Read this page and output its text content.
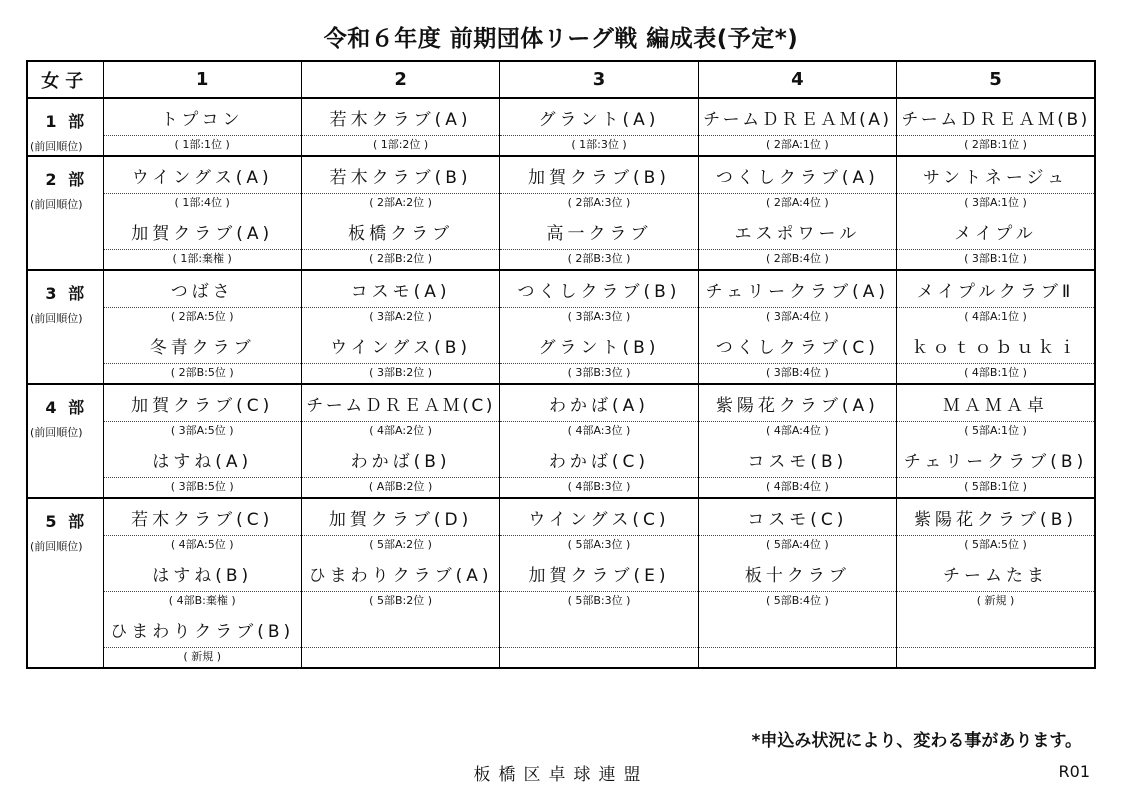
令和６年度 前期団体リーグ戦 編成表(予定*)
女子	1	2	3	4	5

1 部
(前回順位)	トプコン	若木クラブ(A)	グラント(A)	チームＤＲＥＡＭ(A)	チームＤＲＥＡＭ(B)
	( 1部:1位 )	( 1部:2位 )	( 1部:3位 )	( 2部A:1位 )	( 2部B:1位 )

2 部
(前回順位)	ウイングス(A)	若木クラブ(B)	加賀クラブ(B)	つくしクラブ(A)	サントネージュ
	( 1部:4位 )	( 2部A:2位 )	( 2部A:3位 )	( 2部A:4位 )	( 3部A:1位 )
	加賀クラブ(A)	板橋クラブ	高一クラブ	エスポワール	メイプル
	( 1部:棄権 )	( 2部B:2位 )	( 2部B:3位 )	( 2部B:4位 )	( 3部B:1位 )

3 部
(前回順位)	つばさ	コスモ(A)	つくしクラブ(B)	チェリークラブ(A)	メイプルクラブⅡ
	( 2部A:5位 )	( 3部A:2位 )	( 3部A:3位 )	( 3部A:4位 )	( 4部A:1位 )
	冬青クラブ	ウイングス(B)	グラント(B)	つくしクラブ(C)	ｋｏｔｏｂｕｋｉ
	( 2部B:5位 )	( 3部B:2位 )	( 3部B:3位 )	( 3部B:4位 )	( 4部B:1位 )

4 部
(前回順位)	加賀クラブ(C)	チームＤＲＥＡＭ(C)	わかば(A)	紫陽花クラブ(A)	ＭＡＭＡ卓
	( 3部A:5位 )	( 4部A:2位 )	( 4部A:3位 )	( 4部A:4位 )	( 5部A:1位 )
	はすね(A)	わかば(B)	わかば(C)	コスモ(B)	チェリークラブ(B)
	( 3部B:5位 )	( A部B:2位 )	( 4部B:3位 )	( 4部B:4位 )	( 5部B:1位 )

5 部
(前回順位)	若木クラブ(C)	加賀クラブ(D)	ウイングス(C)	コスモ(C)	紫陽花クラブ(B)
	( 4部A:5位 )	( 5部A:2位 )	( 5部A:3位 )	( 5部A:4位 )	( 5部A:5位 )
	はすね(B)	ひまわりクラブ(A)	加賀クラブ(E)	板十クラブ	チームたま
	( 4部B:棄権 )	( 5部B:2位 )	( 5部B:3位 )	( 5部B:4位 )	( 新規 )
	ひまわりクラブ(B)				
	( 新規 )				
*申込み状況により、変わる事があります。
板橋区卓球連盟	R01
